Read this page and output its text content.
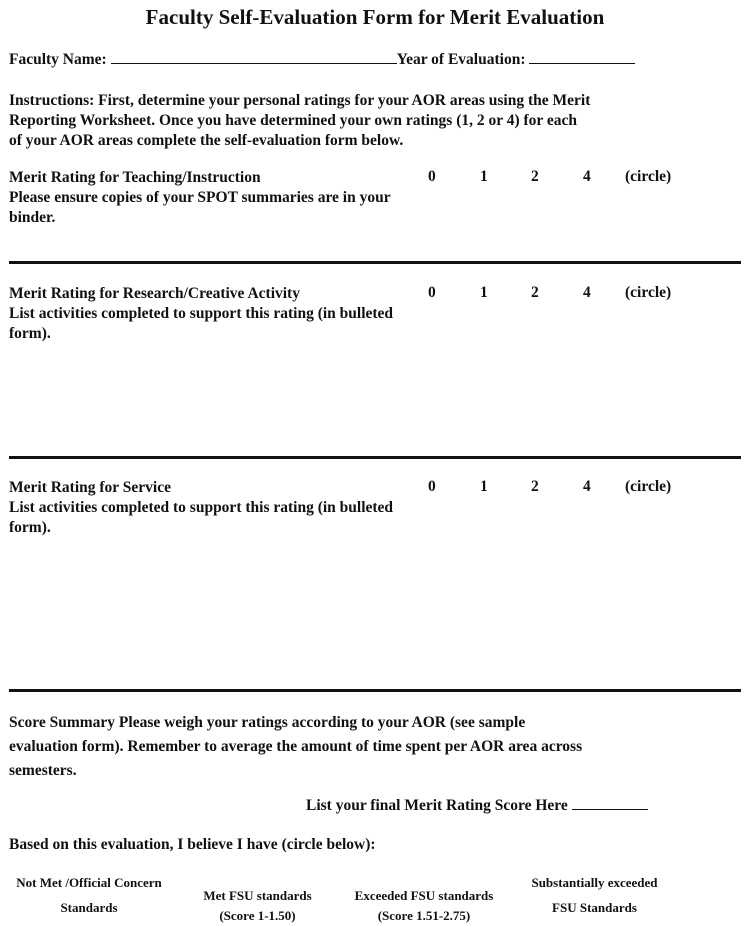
Faculty Self-Evaluation Form for Merit Evaluation
Faculty Name:	Year of Evaluation:
Instructions: First, determine your personal ratings for your AOR areas using the Merit
Reporting Worksheet. Once you have determined your own ratings (1, 2 or 4) for each
of your AOR areas complete the self-evaluation form below.
Merit Rating for Teaching/Instruction
Please ensure copies of your SPOT summaries are in your
binder.
0	1	2	4 (circle)
Merit Rating for Research/Creative Activity
List activities completed to support this rating (in bulleted
form).
0	1	2	4 (circle)
Merit Rating for Service
List activities completed to support this rating (in bulleted
form).
0	1	2	4 (circle)
Score Summary Please weigh your ratings according to your AOR (see sample
evaluation form). Remember to average the amount of time spent per AOR area across
semesters.
List your final Merit Rating Score Here
Based on this evaluation, I believe I have (circle below):
Not Met /Official Concern
Standards
Met FSU standards
(Score 1-1.50)
Exceeded FSU standards
(Score 1.51-2.75)
Substantially exceeded
FSU Standards
